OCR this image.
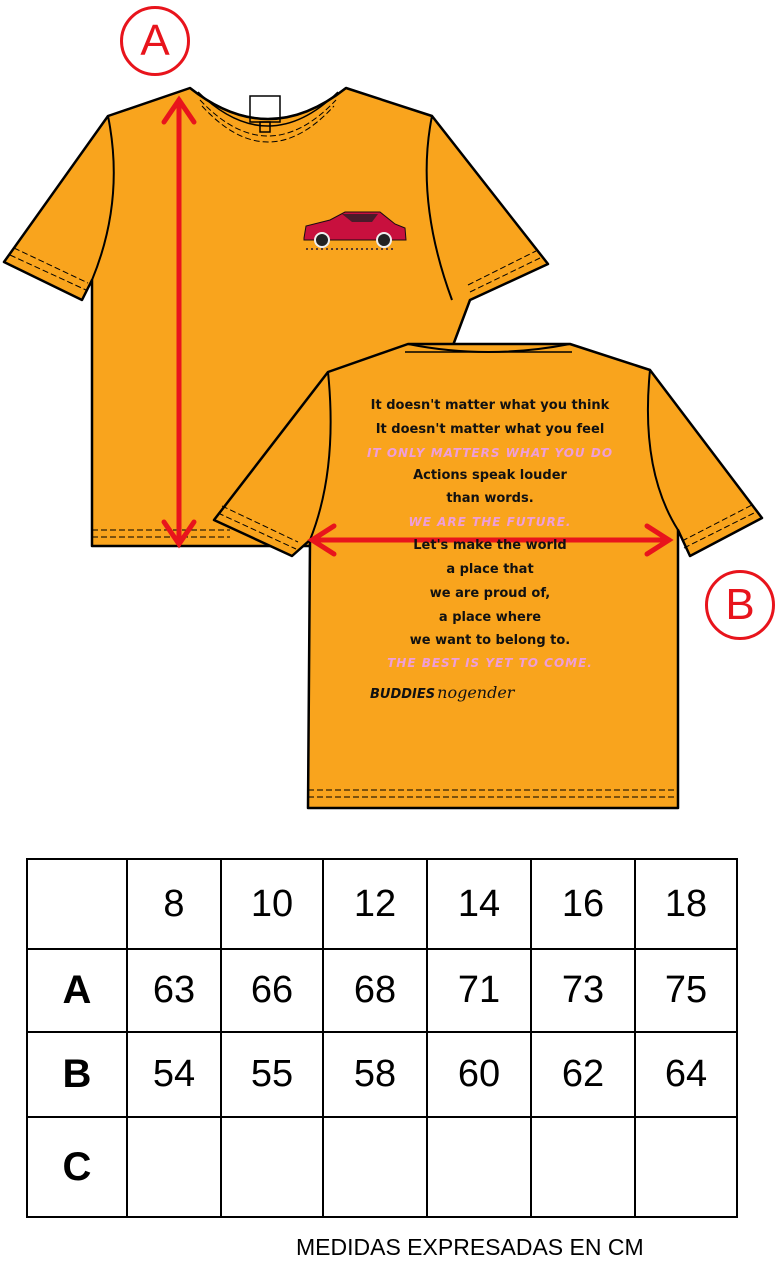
A
B
It doesn't matter what you think
It doesn't matter what you feel
IT ONLY MATTERS WHAT YOU DO
Actions speak louder
than words.
WE ARE THE FUTURE.
Let's make the world
a place that
we are proud of,
a place where
we want to belong to.
THE BEST IS YET TO COME.
BUDDIES nogender
	8	10	12	14	16	18
A	63	66	68	71	73	75
B	54	55	58	60	62	64
C						
MEDIDAS EXPRESADAS EN CM
